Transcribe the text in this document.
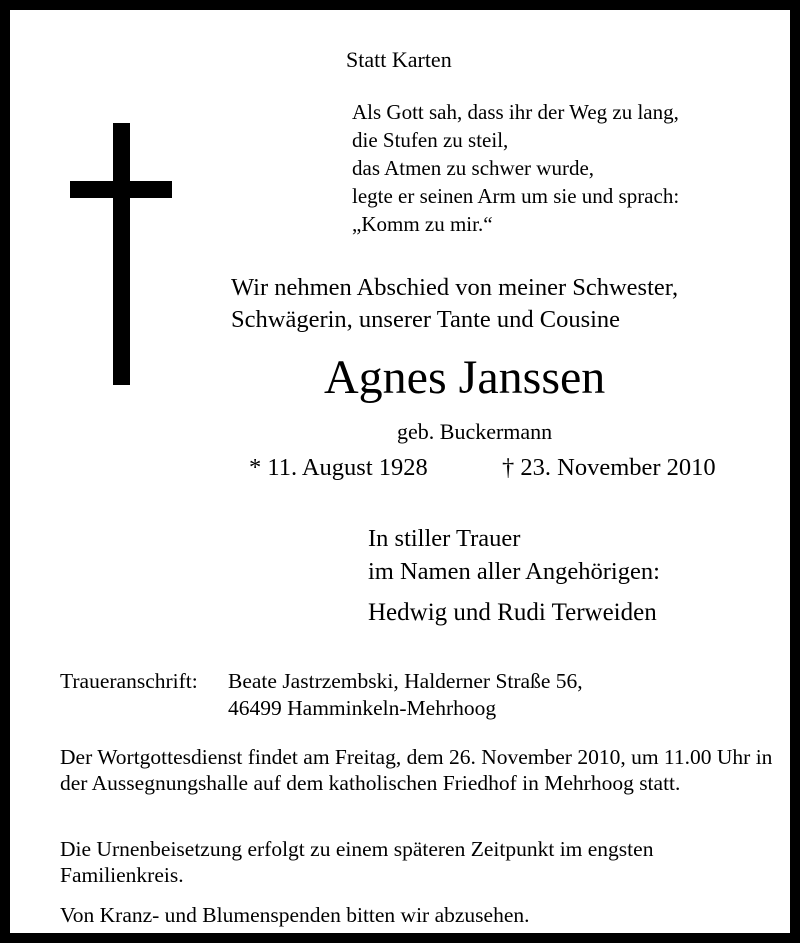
Statt Karten
Als Gott sah, dass ihr der Weg zu lang,
die Stufen zu steil,
das Atmen zu schwer wurde,
legte er seinen Arm um sie und sprach:
„Komm zu mir.“
Wir nehmen Abschied von meiner Schwester,
Schwägerin, unserer Tante und Cousine
Agnes Janssen
geb. Buckermann
* 11. August 1928	† 23. November 2010
In stiller Trauer
im Namen aller Angehörigen:
Hedwig und Rudi Terweiden
Traueranschrift: Beate Jastrzembski, Halderner Straße 56,
46499 Hamminkeln-Mehrhoog
Der Wortgottesdienst findet am Freitag, dem 26. November 2010, um 11.00 Uhr in der Aussegnungshalle auf dem katholischen Friedhof in Mehrhoog statt.
Die Urnenbeisetzung erfolgt zu einem späteren Zeitpunkt im engsten Familienkreis.
Von Kranz- und Blumenspenden bitten wir abzusehen.
